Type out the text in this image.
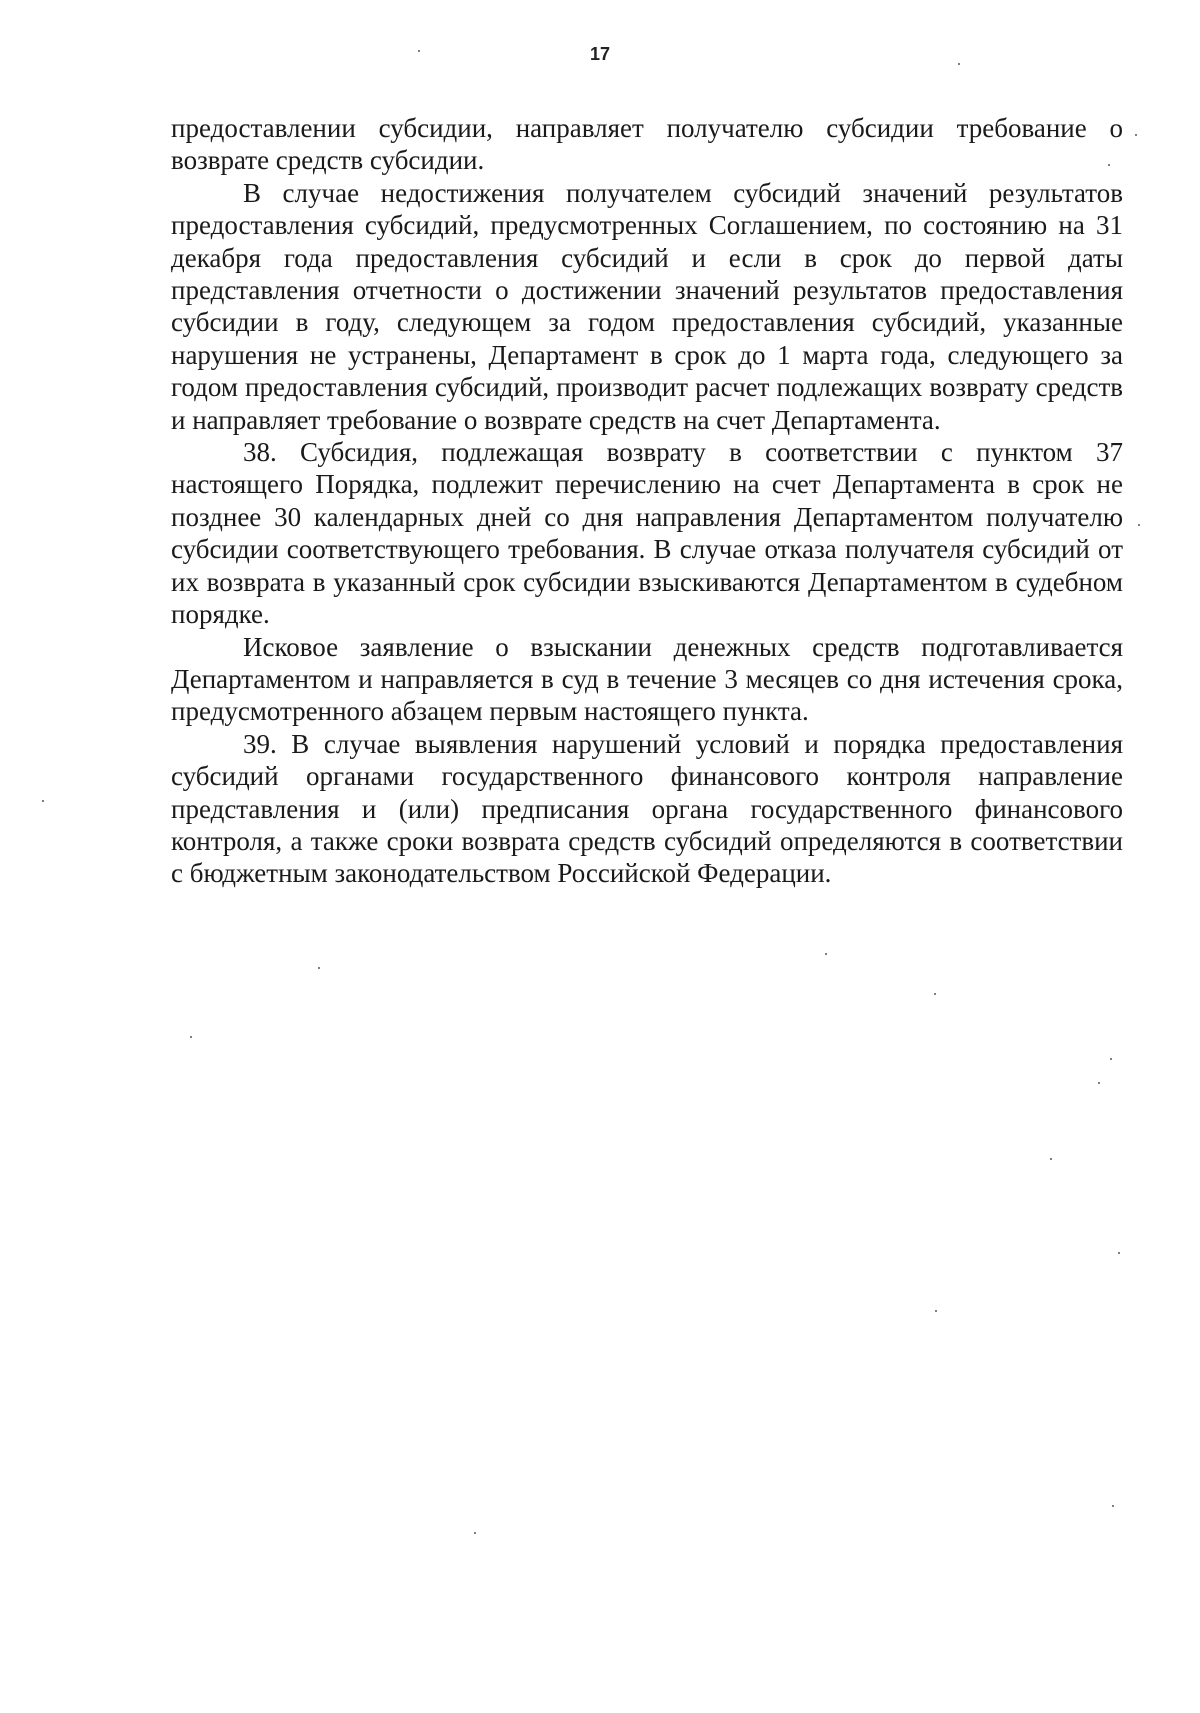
17

предоставлении субсидии, направляет получателю субсидии требование о возврате средств субсидии.

В случае недостижения получателем субсидий значений результатов предоставления субсидий, предусмотренных Соглашением, по состоянию на 31 декабря года предоставления субсидий и если в срок до первой даты представления отчетности о достижении значений результатов предоставления субсидии в году, следующем за годом предоставления субсидий, указанные нарушения не устранены, Департамент в срок до 1 марта года, следующего за годом предоставления субсидий, производит расчет подлежащих возврату средств и направляет требование о возврате средств на счет Департамента.

38. Субсидия, подлежащая возврату в соответствии с пунктом 37 настоящего Порядка, подлежит перечислению на счет Департамента в срок не позднее 30 календарных дней со дня направления Департаментом получателю субсидии соответствующего требования. В случае отказа получателя субсидий от их возврата в указанный срок субсидии взыскиваются Департаментом в судебном порядке.

Исковое заявление о взыскании денежных средств подготавливается Департаментом и направляется в суд в течение 3 месяцев со дня истечения срока, предусмотренного абзацем первым настоящего пункта.

39. В случае выявления нарушений условий и порядка предоставления субсидий органами государственного финансового контроля направление представления и (или) предписания органа государственного финансового контроля, а также сроки возврата средств субсидий определяются в соответствии с бюджетным законодательством Российской Федерации.
